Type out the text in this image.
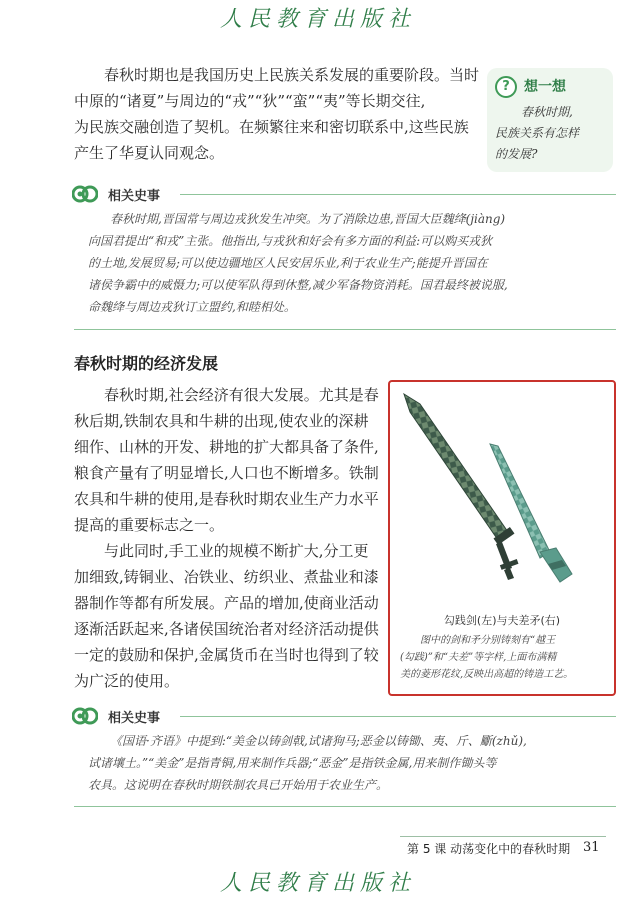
人民教育出版社
春秋时期也是我国历史上民族关系发展的重要阶段。当时
中原的“诸夏”与周边的“戎”“狄”“蛮”“夷”等长期交往,
为民族交融创造了契机。在频繁往来和密切联系中,这些民族
产生了华夏认同观念。
?	想一想
春秋时期,
民族关系有怎样
的发展?
相关史事
春秋时期,晋国常与周边戎狄发生冲突。为了消除边患,晋国大臣魏绛(jiàng)
向国君提出“和戎”主张。他指出,与戎狄和好会有多方面的利益:可以购买戎狄
的土地,发展贸易;可以使边疆地区人民安居乐业,利于农业生产;能提升晋国在
诸侯争霸中的威慑力;可以使军队得到休整,减少军备物资消耗。国君最终被说服,
命魏绛与周边戎狄订立盟约,和睦相处。
春秋时期的经济发展
春秋时期,社会经济有很大发展。尤其是春
秋后期,铁制农具和牛耕的出现,使农业的深耕
细作、山林的开发、耕地的扩大都具备了条件,
粮食产量有了明显增长,人口也不断增多。铁制
农具和牛耕的使用,是春秋时期农业生产力水平
提高的重要标志之一。
与此同时,手工业的规模不断扩大,分工更
加细致,铸铜业、冶铁业、纺织业、煮盐业和漆
器制作等都有所发展。产品的增加,使商业活动
逐渐活跃起来,各诸侯国统治者对经济活动提供
一定的鼓励和保护,金属货币在当时也得到了较
为广泛的使用。
勾践剑(左)与夫差矛(右)
图中的剑和矛分别铸刻有“越王
(勾践)”和“夫差”等字样,上面布满精
美的菱形花纹,反映出高超的铸造工艺。
相关史事
《国语·齐语》中提到:“美金以铸剑戟,试诸狗马;恶金以铸锄、夷、斤、斸(zhǔ),
试诸壤土。”“美金”是指青铜,用来制作兵器;“恶金”是指铁金属,用来制作锄头等
农具。这说明在春秋时期铁制农具已开始用于农业生产。
第 5 课 动荡变化中的春秋时期 31
人民教育出版社
